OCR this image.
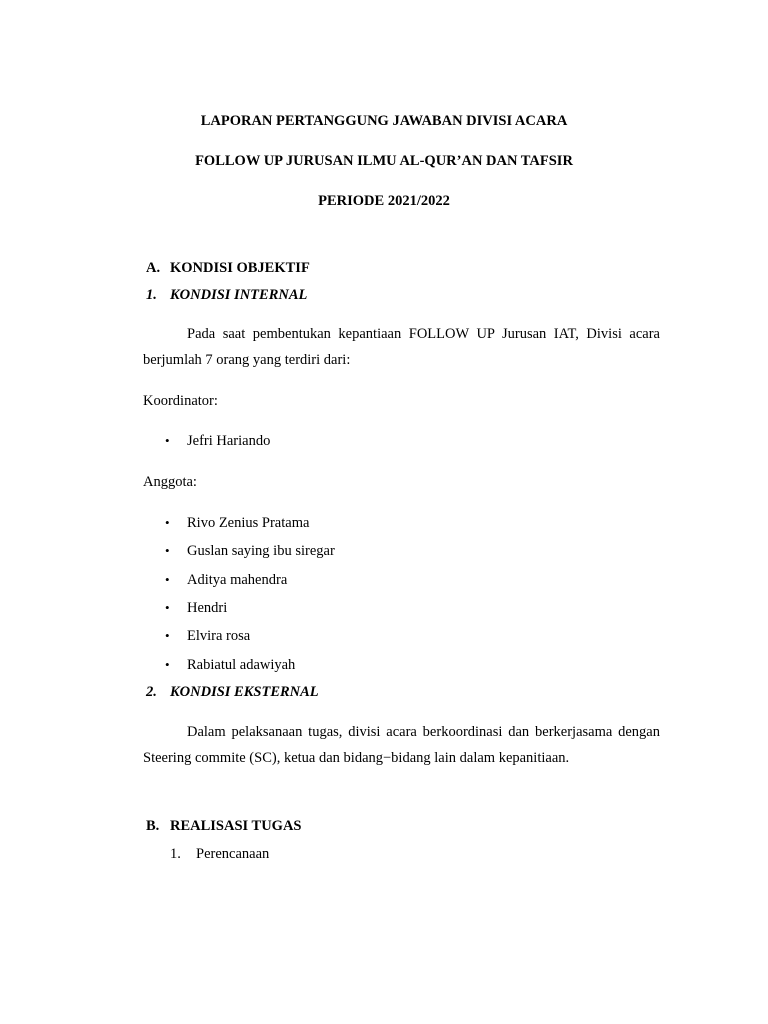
LAPORAN PERTANGGUNG JAWABAN DIVISI ACARA
FOLLOW UP JURUSAN ILMU AL-QUR’AN DAN TAFSIR
PERIODE 2021/2022
A. KONDISI OBJEKTIF
1. KONDISI INTERNAL
Pada saat pembentukan kepantiaan FOLLOW UP Jurusan IAT, Divisi acara berjumlah 7 orang yang terdiri dari:
Koordinator:
• Jefri Hariando
Anggota:
• Rivo Zenius Pratama
• Guslan saying ibu siregar
• Aditya mahendra
• Hendri
• Elvira rosa
• Rabiatul adawiyah
2. KONDISI EKSTERNAL
Dalam pelaksanaan tugas, divisi acara berkoordinasi dan berkerjasama dengan Steering commite (SC), ketua dan bidang−bidang lain dalam kepanitiaan.
B. REALISASI TUGAS
1. Perencanaan
